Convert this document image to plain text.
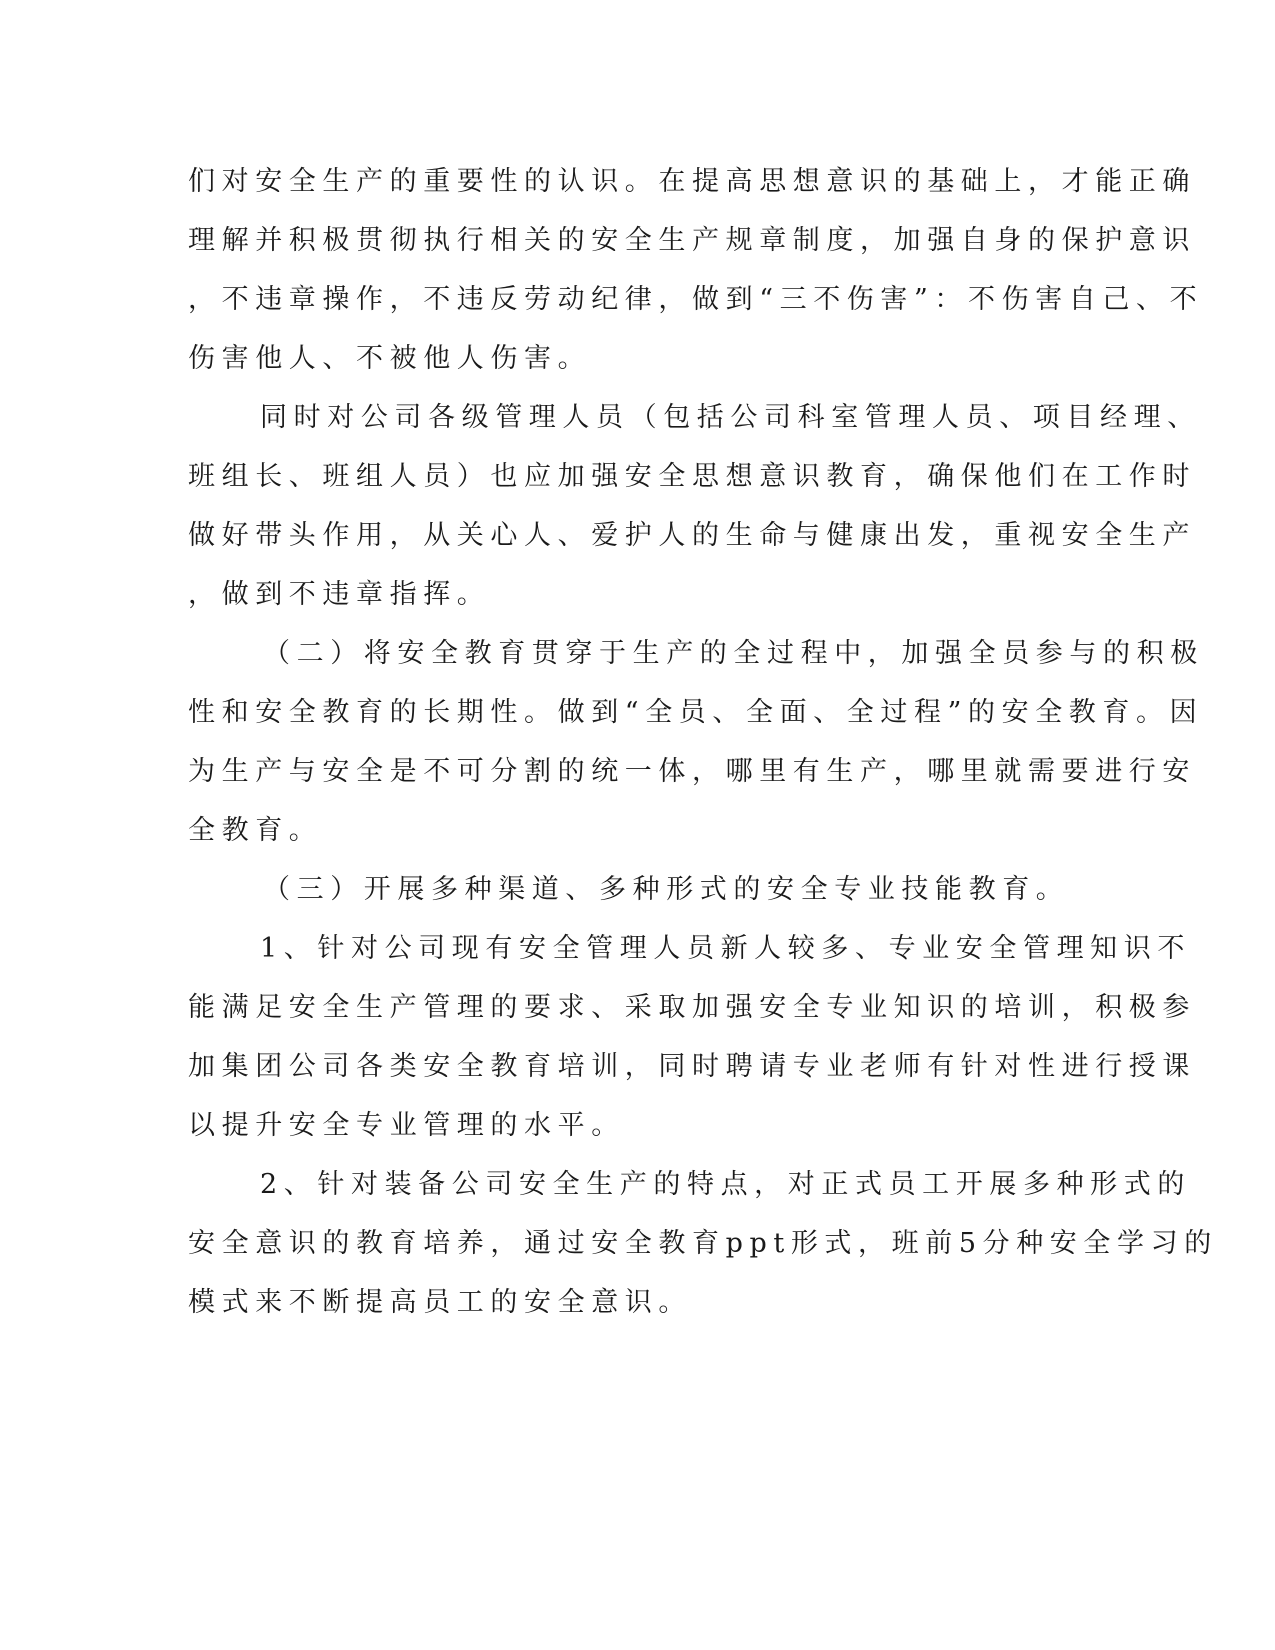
们对安全生产的重要性的认识。在提高思想意识的基础上，才能正确

理解并积极贯彻执行相关的安全生产规章制度，加强自身的保护意识

，不违章操作，不违反劳动纪律，做到“三不伤害”：不伤害自己、不

伤害他人、不被他人伤害。

同时对公司各级管理人员（包括公司科室管理人员、项目经理、

班组长、班组人员）也应加强安全思想意识教育，确保他们在工作时

做好带头作用，从关心人、爱护人的生命与健康出发，重视安全生产

，做到不违章指挥。

（二）将安全教育贯穿于生产的全过程中，加强全员参与的积极

性和安全教育的长期性。做到“全员、全面、全过程”的安全教育。因

为生产与安全是不可分割的统一体，哪里有生产，哪里就需要进行安

全教育。

（三）开展多种渠道、多种形式的安全专业技能教育。

1、针对公司现有安全管理人员新人较多、专业安全管理知识不

能满足安全生产管理的要求、采取加强安全专业知识的培训，积极参

加集团公司各类安全教育培训，同时聘请专业老师有针对性进行授课

以提升安全专业管理的水平。

2、针对装备公司安全生产的特点，对正式员工开展多种形式的

安全意识的教育培养，通过安全教育ppt形式，班前5分种安全学习的

模式来不断提高员工的安全意识。
